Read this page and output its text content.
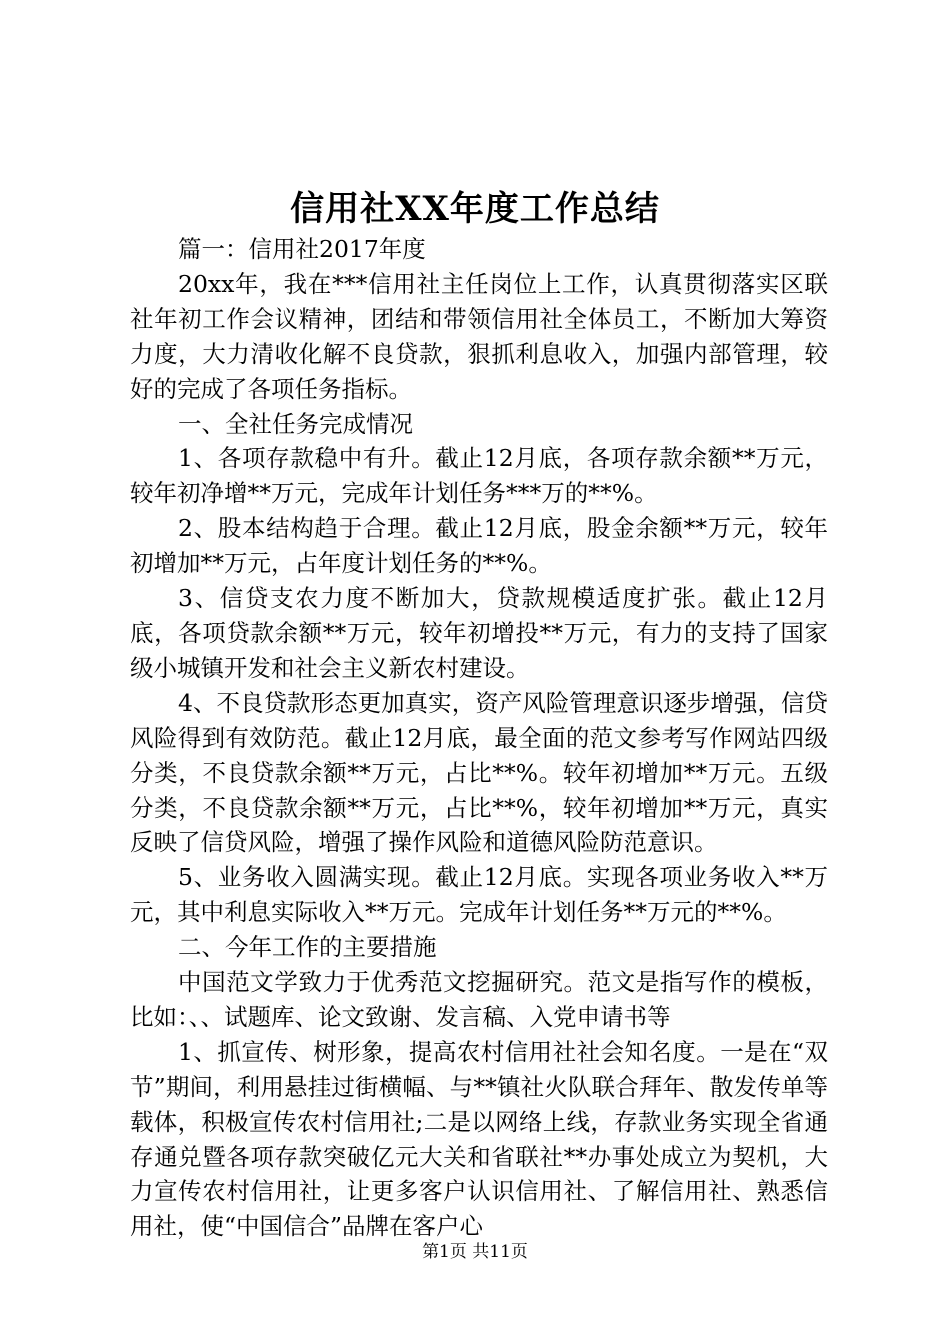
信用社XX年度工作总结

篇一：信用社2017年度

20xx年，我在***信用社主任岗位上工作，认真贯彻落实区联社年初工作会议精神，团结和带领信用社全体员工，不断加大筹资力度，大力清收化解不良贷款，狠抓利息收入，加强内部管理，较好的完成了各项任务指标。

一、全社任务完成情况

1、各项存款稳中有升。截止12月底，各项存款余额**万元，较年初净增**万元，完成年计划任务***万的**%。

2、股本结构趋于合理。截止12月底，股金余额**万元，较年初增加**万元，占年度计划任务的**%。

3、信贷支农力度不断加大，贷款规模适度扩张。截止12月底，各项贷款余额**万元，较年初增投**万元，有力的支持了国家级小城镇开发和社会主义新农村建设。

4、不良贷款形态更加真实，资产风险管理意识逐步增强，信贷风险得到有效防范。截止12月底，最全面的范文参考写作网站四级分类，不良贷款余额**万元，占比**%。较年初增加**万元。五级分类，不良贷款余额**万元，占比**%，较年初增加**万元，真实反映了信贷风险，增强了操作风险和道德风险防范意识。

5、业务收入圆满实现。截止12月底。实现各项业务收入**万元，其中利息实际收入**万元。完成年计划任务**万元的**%。

二、今年工作的主要措施

中国范文学致力于优秀范文挖掘研究。范文是指写作的模板，比如：、、试题库、论文致谢、发言稿、入党申请书等

1、抓宣传、树形象，提高农村信用社社会知名度。一是在“双节”期间，利用悬挂过街横幅、与**镇社火队联合拜年、散发传单等载体，积极宣传农村信用社;二是以网络上线，存款业务实现全省通存通兑暨各项存款突破亿元大关和省联社**办事处成立为契机，大力宣传农村信用社，让更多客户认识信用社、了解信用社、熟悉信用社，使“中国信合”品牌在客户心

第1页 共11页
